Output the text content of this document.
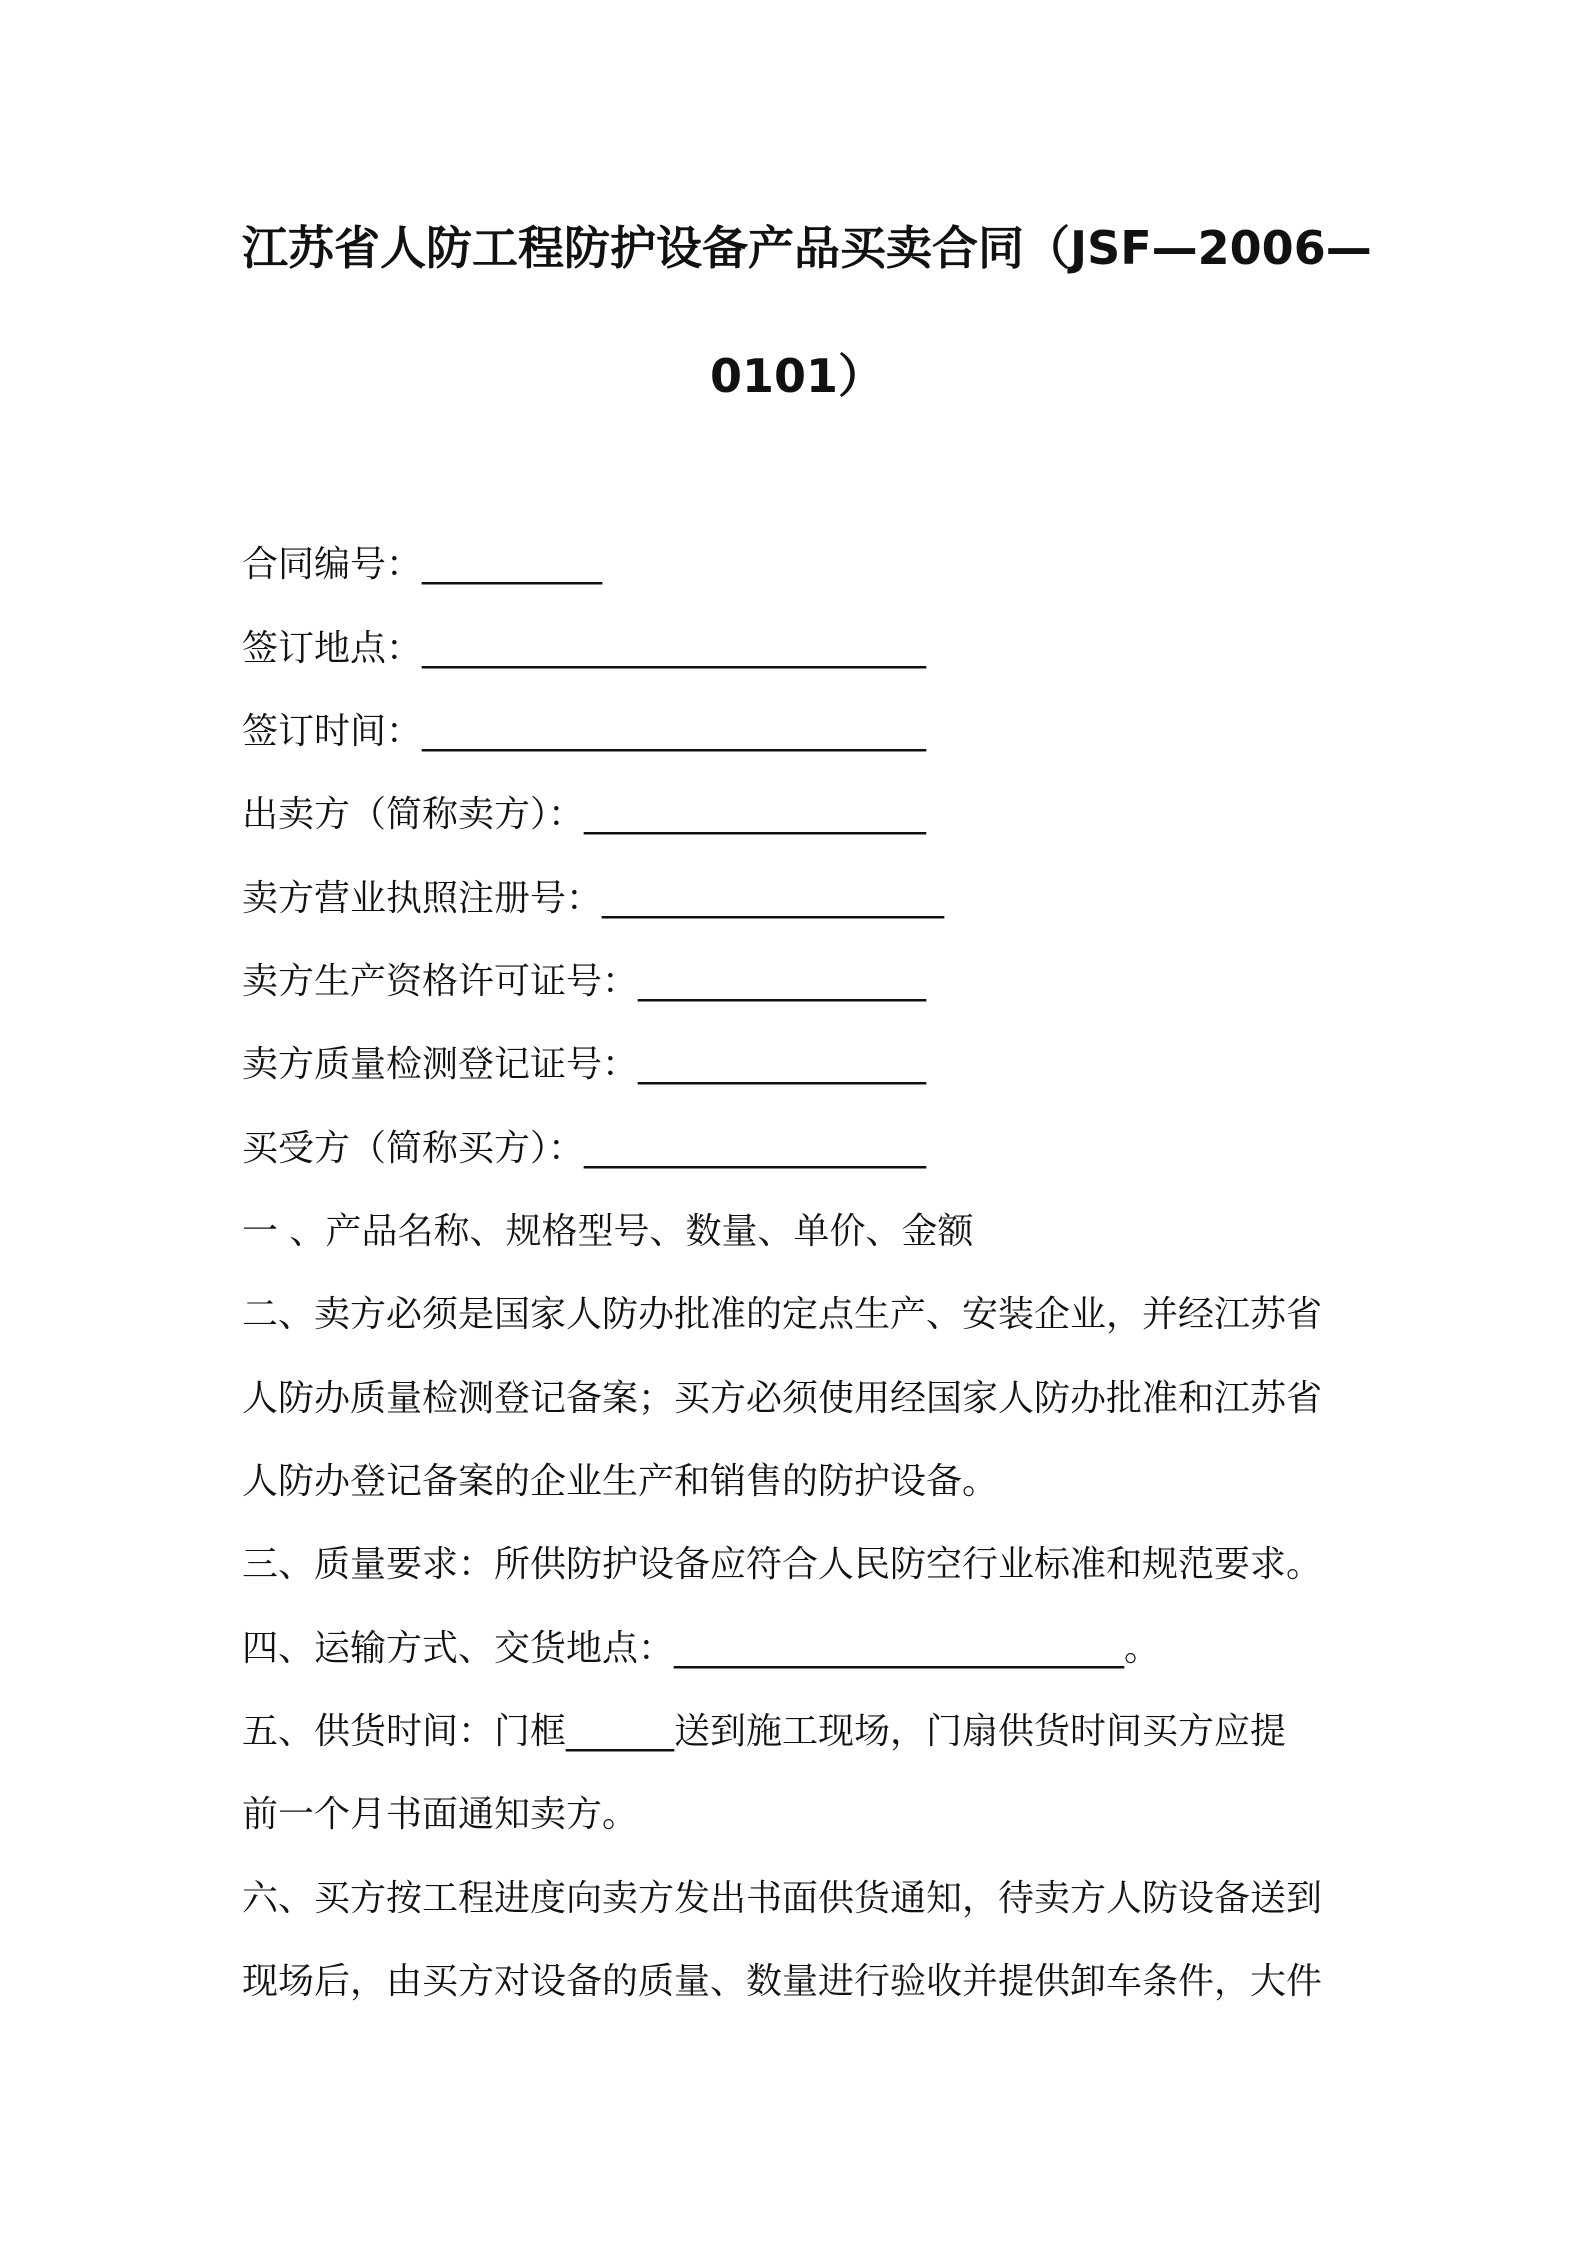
江苏省人防工程防护设备产品买卖合同（JSF—2006—
0101）

合同编号：__________

签订地点：____________________________

签订时间：____________________________

出卖方（简称卖方）：___________________

卖方营业执照注册号：___________________

卖方生产资格许可证号：________________

卖方质量检测登记证号：________________

买受方（简称买方）：___________________

一 、产品名称、规格型号、数量、单价、金额

二、卖方必须是国家人防办批准的定点生产、安装企业，并经江苏省

人防办质量检测登记备案；买方必须使用经国家人防办批准和江苏省

人防办登记备案的企业生产和销售的防护设备。

三、质量要求：所供防护设备应符合人民防空行业标准和规范要求。

四、运输方式、交货地点：_________________________。

五、供货时间：门框______送到施工现场，门扇供货时间买方应提

前一个月书面通知卖方。

六、买方按工程进度向卖方发出书面供货通知，待卖方人防设备送到

现场后，由买方对设备的质量、数量进行验收并提供卸车条件，大件
